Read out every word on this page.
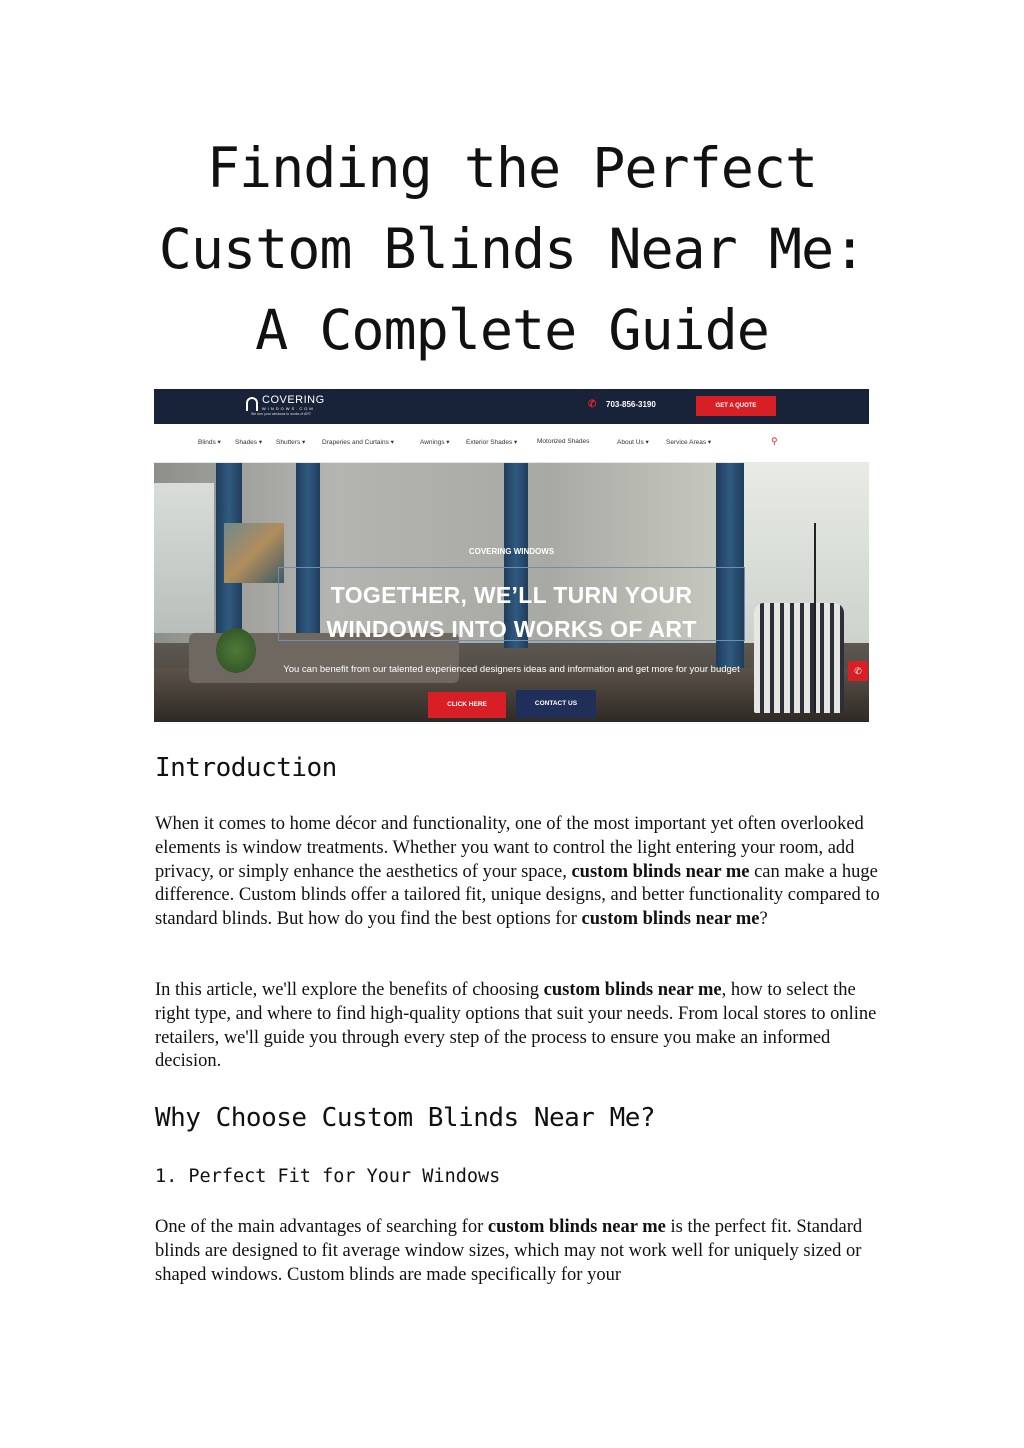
Finding the Perfect
Custom Blinds Near Me:
A Complete Guide
COVERING
WINDOWS.COM
We turn your windows to works of ART
✆ 703-856-3190	GET A QUOTE
Blinds ▾ Shades ▾ Shutters ▾	Draperies and Curtains ▾	Awnings ▾	Exterior Shades ▾	Motorized Shades	About Us ▾	Service Areas ▾	⚲
COVERING WINDOWS
TOGETHER, WE’LL TURN YOUR
WINDOWS INTO WORKS OF ART
You can benefit from our talented experienced designers ideas and information and get more for your budget
CLICK HERE	CONTACT US
✆
Introduction

When it comes to home décor and functionality, one of the most important yet often overlooked elements is window treatments. Whether you want to control the light entering your room, add privacy, or simply enhance the aesthetics of your space, custom blinds near me can make a huge difference. Custom blinds offer a tailored fit, unique designs, and better functionality compared to standard blinds. But how do you find the best options for custom blinds near me?

In this article, we'll explore the benefits of choosing custom blinds near me, how to select the right type, and where to find high-quality options that suit your needs. From local stores to online retailers, we'll guide you through every step of the process to ensure you make an informed decision.

Why Choose Custom Blinds Near Me?
1. Perfect Fit for Your Windows

One of the main advantages of searching for custom blinds near me is the perfect fit. Standard blinds are designed to fit average window sizes, which may not work well for uniquely sized or shaped windows. Custom blinds are made specifically for your
